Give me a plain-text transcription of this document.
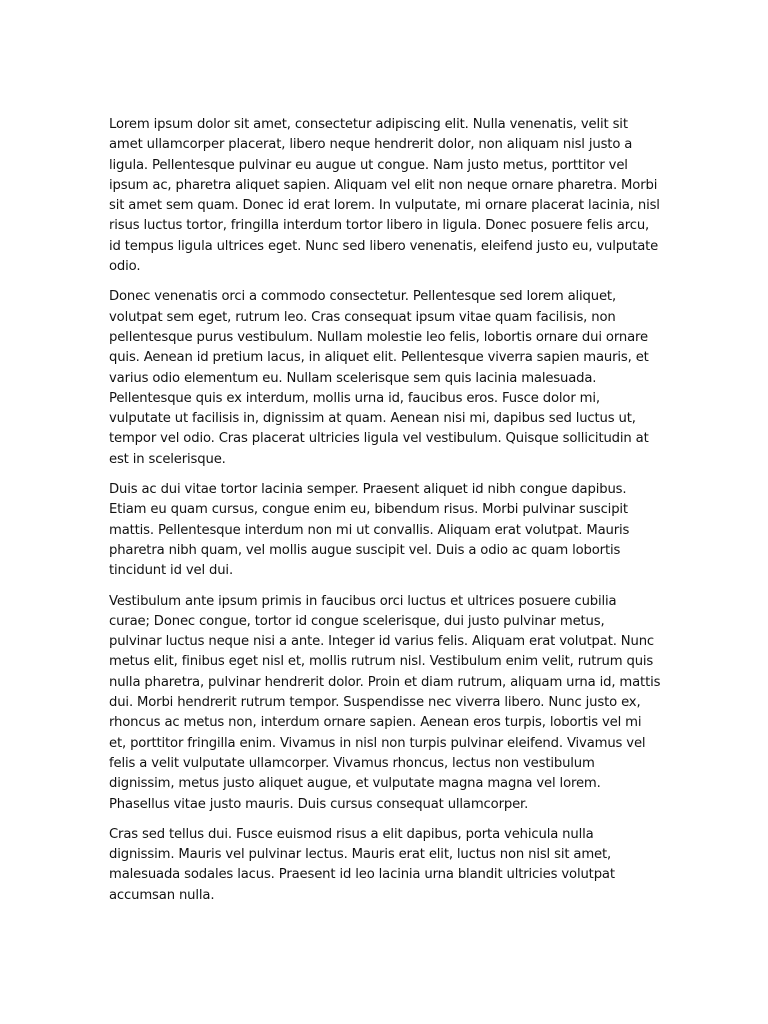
Lorem ipsum dolor sit amet, consectetur adipiscing elit. Nulla venenatis, velit sit amet ullamcorper placerat, libero neque hendrerit dolor, non aliquam nisl justo a ligula. Pellentesque pulvinar eu augue ut congue. Nam justo metus, porttitor vel ipsum ac, pharetra aliquet sapien. Aliquam vel elit non neque ornare pharetra. Morbi sit amet sem quam. Donec id erat lorem. In vulputate, mi ornare placerat lacinia, nisl risus luctus tortor, fringilla interdum tortor libero in ligula. Donec posuere felis arcu, id tempus ligula ultrices eget. Nunc sed libero venenatis, eleifend justo eu, vulputate odio.

Donec venenatis orci a commodo consectetur. Pellentesque sed lorem aliquet, volutpat sem eget, rutrum leo. Cras consequat ipsum vitae quam facilisis, non pellentesque purus vestibulum. Nullam molestie leo felis, lobortis ornare dui ornare quis. Aenean id pretium lacus, in aliquet elit. Pellentesque viverra sapien mauris, et varius odio elementum eu. Nullam scelerisque sem quis lacinia malesuada. Pellentesque quis ex interdum, mollis urna id, faucibus eros. Fusce dolor mi, vulputate ut facilisis in, dignissim at quam. Aenean nisi mi, dapibus sed luctus ut, tempor vel odio. Cras placerat ultricies ligula vel vestibulum. Quisque sollicitudin at est in scelerisque.

Duis ac dui vitae tortor lacinia semper. Praesent aliquet id nibh congue dapibus. Etiam eu quam cursus, congue enim eu, bibendum risus. Morbi pulvinar suscipit mattis. Pellentesque interdum non mi ut convallis. Aliquam erat volutpat. Mauris pharetra nibh quam, vel mollis augue suscipit vel. Duis a odio ac quam lobortis tincidunt id vel dui.

Vestibulum ante ipsum primis in faucibus orci luctus et ultrices posuere cubilia curae; Donec congue, tortor id congue scelerisque, dui justo pulvinar metus, pulvinar luctus neque nisi a ante. Integer id varius felis. Aliquam erat volutpat. Nunc metus elit, finibus eget nisl et, mollis rutrum nisl. Vestibulum enim velit, rutrum quis nulla pharetra, pulvinar hendrerit dolor. Proin et diam rutrum, aliquam urna id, mattis dui. Morbi hendrerit rutrum tempor. Suspendisse nec viverra libero. Nunc justo ex, rhoncus ac metus non, interdum ornare sapien. Aenean eros turpis, lobortis vel mi et, porttitor fringilla enim. Vivamus in nisl non turpis pulvinar eleifend. Vivamus vel felis a velit vulputate ullamcorper. Vivamus rhoncus, lectus non vestibulum dignissim, metus justo aliquet augue, et vulputate magna magna vel lorem. Phasellus vitae justo mauris. Duis cursus consequat ullamcorper.

Cras sed tellus dui. Fusce euismod risus a elit dapibus, porta vehicula nulla dignissim. Mauris vel pulvinar lectus. Mauris erat elit, luctus non nisl sit amet, malesuada sodales lacus. Praesent id leo lacinia urna blandit ultricies volutpat accumsan nulla.
